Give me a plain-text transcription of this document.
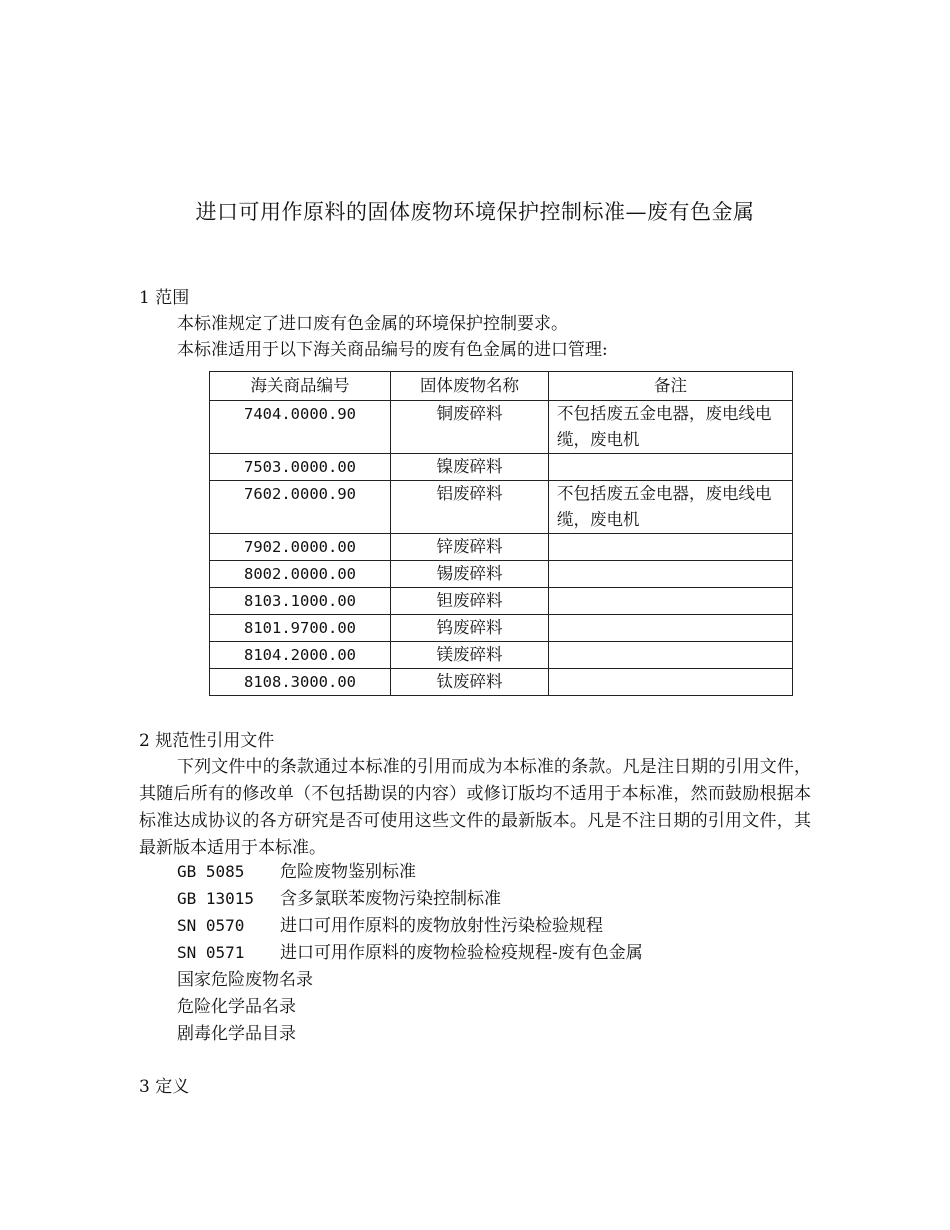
进口可用作原料的固体废物环境保护控制标准—废有色金属
1 范围
本标准规定了进口废有色金属的环境保护控制要求。
本标准适用于以下海关商品编号的废有色金属的进口管理:
海关商品编号	固体废物名称	备注
7404.0000.90	铜废碎料	不包括废五金电器，废电线电缆，废电机
7503.0000.00	镍废碎料	
7602.0000.90	铝废碎料	不包括废五金电器，废电线电缆，废电机
7902.0000.00	锌废碎料	
8002.0000.00	锡废碎料	
8103.1000.00	钽废碎料	
8101.9700.00	钨废碎料	
8104.2000.00	镁废碎料	
8108.3000.00	钛废碎料	
2 规范性引用文件
下列文件中的条款通过本标准的引用而成为本标准的条款。凡是注日期的引用文件，其随后所有的修改单（不包括勘误的内容）或修订版均不适用于本标准，然而鼓励根据本标准达成协议的各方研究是否可使用这些文件的最新版本。凡是不注日期的引用文件，其最新版本适用于本标准。
GB 5085 危险废物鉴别标准
GB 13015 含多氯联苯废物污染控制标准
SN 0570 进口可用作原料的废物放射性污染检验规程
SN 0571 进口可用作原料的废物检验检疫规程-废有色金属
国家危险废物名录
危险化学品名录
剧毒化学品目录
3 定义
